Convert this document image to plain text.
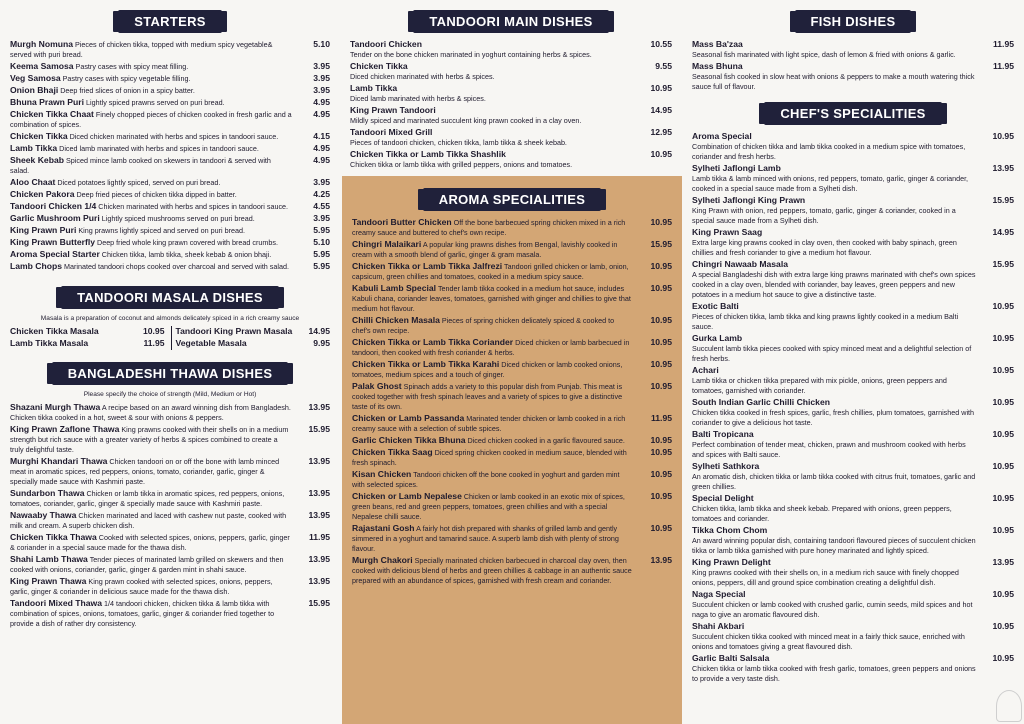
STARTERS
Murgh Nomuna Pieces of chicken tikka, topped with medium spicy vegetable& served with puri bread.
5.10
Keema Samosa Pastry cases with spicy meat filling.	3.95
Veg Samosa Pastry cases with spicy vegetable filling.	3.95
Onion Bhaji Deep fried slices of onion in a spicy batter.	3.95
Bhuna Prawn Puri Lightly spiced prawns served on puri bread.	4.95
Chicken Tikka Chaat Finely chopped pieces of chicken cooked in fresh garlic and a combination of spices.
4.95
Chicken Tikka Diced chicken marinated with herbs and spices in tandoori sauce.	4.15
Lamb Tikka Diced lamb marinated with herbs and spices in tandoori sauce.	4.95
Sheek Kebab Spiced mince lamb cooked on skewers in tandoori & served with salad.
4.95
Aloo Chaat Diced potatoes lightly spiced, served on puri bread.	3.95
Chicken Pakora Deep fried pieces of chicken tikka dipped in batter.	4.25
Tandoori Chicken 1/4 Chicken marinated with herbs and spices in tandoori sauce.	4.55
Garlic Mushroom Puri Lightly spiced mushrooms served on puri bread.	3.95
King Prawn Puri King prawns lightly spiced and served on puri bread.	5.95
King Prawn Butterfly Deep fried whole king prawn covered with bread crumbs.	5.10
Aroma Special Starter Chicken tikka, lamb tikka, sheek kebab & onion bhaji.	5.95
Lamb Chops Marinated tandoori chops cooked over charcoal and served with salad.	5.95
TANDOORI MASALA DISHES
Masala is a preparation of coconut and almonds delicately spiced in a rich creamy sauce
Chicken Tikka Masala	10.95
Lamb Tikka Masala	11.95
Tandoori King Prawn Masala 14.95
Vegetable Masala	9.95
BANGLADESHI THAWA DISHES
Please specify the choice of strength (Mild, Medium or Hot)
Shazani Murgh Thawa A recipe based on an award winning dish from Bangladesh. Chicken tikka cooked in a hot, sweet & sour with onions & peppers.
13.95
King Prawn Zaflone Thawa King prawns cooked with their shells on in a medium strength but rich sauce with a greater variety of herbs & spices combined to create a truly delightful taste.
15.95
Murghi Khandari Thawa Chicken tandoori on or off the bone with lamb minced meat in aromatic spices, red peppers, onions, tomato, coriander, garlic, ginger & specially made sauce with Kashmiri paste.
13.95
Sundarbon Thawa Chicken or lamb tikka in aromatic spices, red peppers, onions, tomatoes, coriander, garlic, ginger & specially made sauce with Kashmiri paste.
13.95
Nawaaby Thawa Chicken marinated and laced with cashew nut paste, cooked with milk and cream. A superb chicken dish.
13.95
Chicken Tikka Thawa Cooked with selected spices, onions, peppers, garlic, ginger & coriander in a special sauce made for the thawa dish.
11.95
Shahi Lamb Thawa Tender pieces of marinated lamb grilled on skewers and then cooked with onions, coriander, garlic, ginger & garden mint in shahi sauce.
13.95
King Prawn Thawa King prawn cooked with selected spices, onions, peppers, garlic, ginger & coriander in delicious sauce made for the thawa dish.
13.95
Tandoori Mixed Thawa 1/4 tandoori chicken, chicken tikka & lamb tikka with combination of spices, onions, tomatoes, garlic, ginger & coriander fried together to provide a dish of rather dry consistency.
15.95
TANDOORI MAIN DISHES
Tandoori Chicken
Tender on the bone chicken marinated in yoghurt containing herbs & spices.
10.55
Chicken Tikka
Diced chicken marinated with herbs & spices.
9.55
Lamb Tikka
Diced lamb marinated with herbs & spices.
10.95
King Prawn Tandoori
Mildly spiced and marinated succulent king prawn cooked in a clay oven.
14.95
Tandoori Mixed Grill
Pieces of tandoori chicken, chicken tikka, lamb tikka & sheek kebab.
12.95
Chicken Tikka or Lamb Tikka Shashlik
Chicken tikka or lamb tikka with grilled peppers, onions and tomatoes.
10.95
AROMA SPECIALITIES
Tandoori Butter Chicken Off the bone barbecued spring chicken mixed in a rich creamy sauce and buttered to chef's own recipe.
10.95
Chingri Malaikari A popular king prawns dishes from Bengal, lavishly cooked in cream with a smooth blend of garlic, ginger & gram masala.
15.95
Chicken Tikka or Lamb Tikka Jalfrezi Tandoori grilled chicken or lamb, onion, capsicum, green chillies and tomatoes, cooked in a medium spicy sauce.
10.95
Kabuli Lamb Special Tender lamb tikka cooked in a medium hot sauce, includes Kabuli chana, coriander leaves, tomatoes, garnished with ginger and chillies to give that medium hot flavour.
10.95
Chilli Chicken Masala Pieces of spring chicken delicately spiced & cooked to chef's own recipe.
10.95
Chicken Tikka or Lamb Tikka Coriander Diced chicken or lamb barbecued in tandoori, then cooked with fresh coriander & herbs.
10.95
Chicken Tikka or Lamb Tikka Karahi Diced chicken or lamb cooked onions, tomatoes, medium spices and a touch of ginger.
10.95
Palak Ghost Spinach adds a variety to this popular dish from Punjab. This meat is cooked together with fresh spinach leaves and a variety of spices to give a distinctive taste of its own.
10.95
Chicken or Lamb Passanda Marinated tender chicken or lamb cooked in a rich creamy sauce with a selection of subtle spices.
11.95
Garlic Chicken Tikka Bhuna Diced chicken cooked in a garlic flavoured sauce.	10.95
Chicken Tikka Saag Diced spring chicken cooked in medium sauce, blended with fresh spinach.
10.95
Kisan Chicken Tandoori chicken off the bone cooked in yoghurt and garden mint with selected spices.
10.95
Chicken or Lamb Nepalese Chicken or lamb cooked in an exotic mix of spices, green beans, red and green peppers, tomatoes, green chillies and with a special Nepalese chilli sauce.
10.95
Rajastani Gosh A fairly hot dish prepared with shanks of grilled lamb and gently simmered in a yoghurt and tamarind sauce. A superb lamb dish with plenty of strong flavour.
10.95
Murgh Chakori Specially marinated chicken barbecued in charcoal clay oven, then cooked with delicious blend of herbs and green chillies & cabbage in an authentic sauce prepared with an abundance of spices, garnished with fresh cream and coriander.
13.95
FISH DISHES
Mass Ba'zaa
Seasonal fish marinated with light spice, dash of lemon & fried with onions & garlic.
11.95
Mass Bhuna
Seasonal fish cooked in slow heat with onions & peppers to make a mouth watering thick sauce full of flavour.
11.95
CHEF'S SPECIALITIES
Aroma Special
Combination of chicken tikka and lamb tikka cooked in a medium spice with tomatoes, coriander and fresh herbs.
10.95
Sylheti Jaflongi Lamb
Lamb tikka & lamb minced with onions, red peppers, tomato, garlic, ginger & coriander, cooked in a special sauce made from a Sylheti dish.
13.95
Sylheti Jaflongi King Prawn
King Prawn with onion, red peppers, tomato, garlic, ginger & coriander, cooked in a special sauce made from a Sylheti dish.
15.95
King Prawn Saag
Extra large king prawns cooked in clay oven, then cooked with baby spinach, green chillies and fresh coriander to give a medium hot flavour.
14.95
Chingri Nawaab Masala
A special Bangladeshi dish with extra large king prawns marinated with chef's own spices cooked in a clay oven, blended with coriander, bay leaves, green peppers and new potatoes in a medium hot sauce to give a distinctive taste.
15.95
Exotic Balti
Pieces of chicken tikka, lamb tikka and king prawns lightly cooked in a medium Balti sauce.
10.95
Gurka Lamb
Succulent lamb tikka pieces cooked with spicy minced meat and a delightful selection of fresh herbs.
10.95
Achari
Lamb tikka or chicken tikka prepared with mix pickle, onions, green peppers and tomatoes, garnished with coriander.
10.95
South Indian Garlic Chilli Chicken
Chicken tikka cooked in fresh spices, garlic, fresh chillies, plum tomatoes, garnished with coriander to give a delicious hot taste.
10.95
Balti Tropicana
Perfect combination of tender meat, chicken, prawn and mushroom cooked with herbs and spices with Balti sauce.
10.95
Sylheti Sathkora
An aromatic dish, chicken tikka or lamb tikka cooked with citrus fruit, tomatoes, garlic and green chillies.
10.95
Special Delight
Chicken tikka, lamb tikka and sheek kebab. Prepared with onions, green peppers, tomatoes and coriander.
10.95
Tikka Chom Chom
An award winning popular dish, containing tandoori flavoured pieces of succulent chicken tikka or lamb tikka garnished with pure honey marinated and lightly spiced.
10.95
King Prawn Delight
King prawns cooked with their shells on, in a medium rich sauce with finely chopped onions, peppers, dill and ground spice combination creating a delightful dish.
13.95
Naga Special
Succulent chicken or lamb cooked with crushed garlic, cumin seeds, mild spices and hot naga to give an aromatic flavoured dish.
10.95
Shahi Akbari
Succulent chicken tikka cooked with minced meat in a fairly thick sauce, enriched with onions and tomatoes giving a great flavoured dish.
10.95
Garlic Balti Salsala
Chicken tikka or lamb tikka cooked with fresh garlic, tomatoes, green peppers and onions to provide a very taste dish.
10.95
